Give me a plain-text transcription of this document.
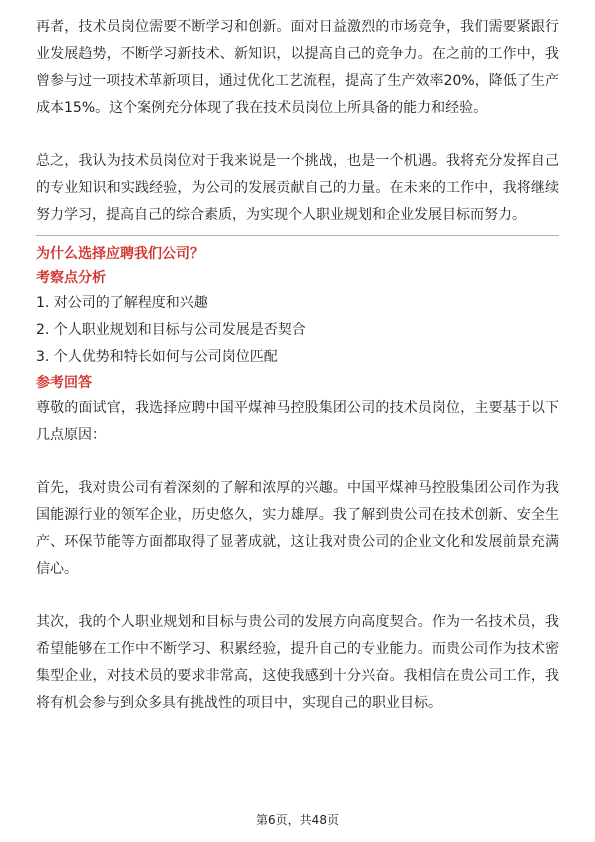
再者，技术员岗位需要不断学习和创新。面对日益激烈的市场竞争，我们需要紧跟行业发展趋势，不断学习新技术、新知识，以提高自己的竞争力。在之前的工作中，我曾参与过一项技术革新项目，通过优化工艺流程，提高了生产效率20%，降低了生产成本15%。这个案例充分体现了我在技术员岗位上所具备的能力和经验。

总之，我认为技术员岗位对于我来说是一个挑战，也是一个机遇。我将充分发挥自己的专业知识和实践经验，为公司的发展贡献自己的力量。在未来的工作中，我将继续努力学习，提高自己的综合素质，为实现个人职业规划和企业发展目标而努力。

为什么选择应聘我们公司？

考察点分析

1. 对公司的了解程度和兴趣

2. 个人职业规划和目标与公司发展是否契合

3. 个人优势和特长如何与公司岗位匹配

参考回答

尊敬的面试官，我选择应聘中国平煤神马控股集团公司的技术员岗位，主要基于以下几点原因：

首先，我对贵公司有着深刻的了解和浓厚的兴趣。中国平煤神马控股集团公司作为我国能源行业的领军企业，历史悠久，实力雄厚。我了解到贵公司在技术创新、安全生产、环保节能等方面都取得了显著成就，这让我对贵公司的企业文化和发展前景充满信心。

其次，我的个人职业规划和目标与贵公司的发展方向高度契合。作为一名技术员，我希望能够在工作中不断学习、积累经验，提升自己的专业能力。而贵公司作为技术密集型企业，对技术员的要求非常高，这使我感到十分兴奋。我相信在贵公司工作，我将有机会参与到众多具有挑战性的项目中，实现自己的职业目标。

第6页，共48页
